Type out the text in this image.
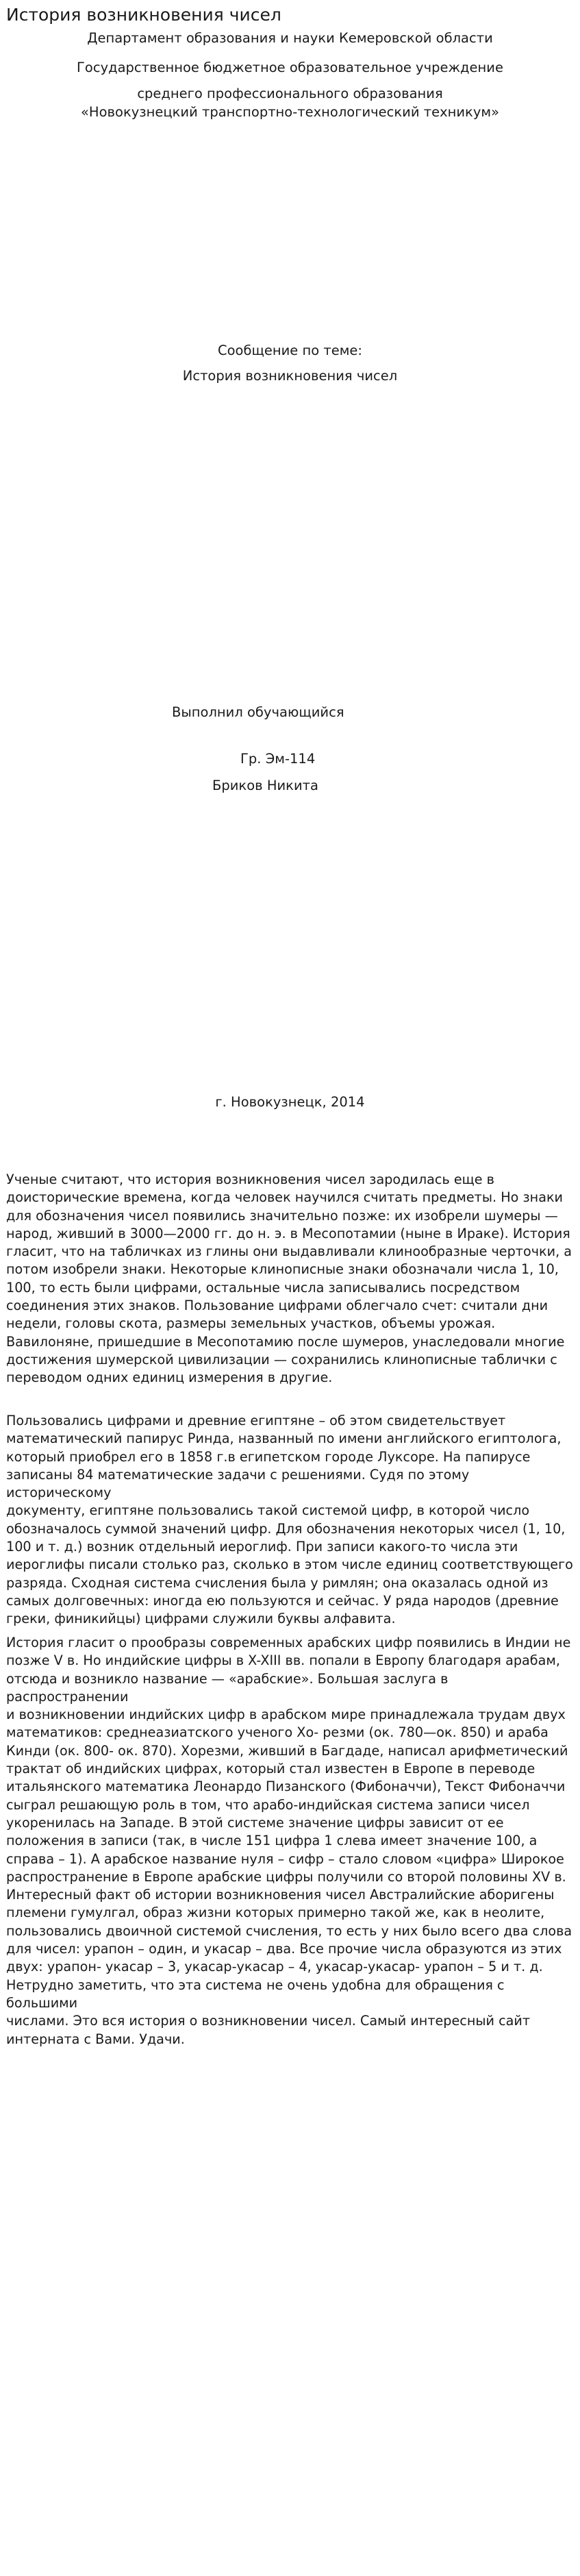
История возникновения чисел

Департамент образования и науки Кемеровской области

Государственное бюджетное образовательное учреждение

среднего профессионального образования

«Новокузнецкий транспортно-технологический техникум»

Сообщение по теме:

История возникновения чисел

Выполнил обучающийся

Гр. Эм-114

Бриков Никита

г. Новокузнецк, 2014

Ученые считают, что история возникновения чисел зародилась еще в
доисторические времена, когда человек научился считать предметы. Но знаки
для обозначения чисел появились значительно позже: их изобрели шумеры —
народ, живший в 3000—2000 гг. до н. э. в Месопотамии (ныне в Ираке). История
гласит, что на табличках из глины они выдавливали клинообразные черточки, а
потом изобрели знаки. Некоторые клинописные знаки обозначали числа 1, 10,
100, то есть были цифрами, остальные числа записывались посредством
соединения этих знаков. Пользование цифрами облегчало счет: считали дни
недели, головы скота, размеры земельных участков, объемы урожая.
Вавилоняне, пришедшие в Месопотамию после шумеров, унаследовали многие
достижения шумерской цивилизации — сохранились клинописные таблички с
переводом одних единиц измерения в другие.

Пользовались цифрами и древние египтяне – об этом свидетельствует
математический папирус Ринда, названный по имени английского египтолога,
который приобрел его в 1858 г.в египетском городе Луксоре. На папирусе
записаны 84 математические задачи с решениями. Судя по этому историческому
документу, египтяне пользовались такой системой цифр, в которой число
обозначалось суммой значений цифр. Для обозначения некоторых чисел (1, 10,
100 и т. д.) возник отдельный иероглиф. При записи какого-то числа эти
иероглифы писали столько раз, сколько в этом числе единиц соответствующего
разряда. Сходная система счисления была у римлян; она оказалась одной из
самых долговечных: иногда ею пользуются и сейчас. У ряда народов (древние
греки, финикийцы) цифрами служили буквы алфавита.

История гласит о прообразы современных арабских цифр появились в Индии не
позже V в. Но индийские цифры в X-XIII вв. попали в Европу благодаря арабам,
отсюда и возникло название — «арабские». Большая заслуга в распространении
и возникновении индийских цифр в арабском мире принадлежала трудам двух
математиков: среднеазиатского ученого Хо- резми (ок. 780—ок. 850) и араба
Кинди (ок. 800- ок. 870). Хорезми, живший в Багдаде, написал арифметический
трактат об индийских цифрах, который стал известен в Европе в переводе
итальянского математика Леонардо Пизанского (Фибоначчи), Текст Фибоначчи
сыграл решающую роль в том, что арабо-индийская система записи чисел
укоренилась на Западе. В этой системе значение цифры зависит от ее
положения в записи (так, в числе 151 цифра 1 слева имеет значение 100, а
справа – 1). А арабское название нуля – сифр – стало словом «цифра» Широкое
распространение в Европе арабские цифры получили со второй половины XV в.
Интересный факт об истории возникновения чисел Австралийские аборигены
племени гумулгал, образ жизни которых примерно такой же, как в неолите,
пользовались двоичной системой счисления, то есть у них было всего два слова
для чисел: урапон – один, и укасар – два. Все прочие числа образуются из этих
двух: урапон- укасар – 3, укасар-укасар – 4, укасар-укасар- урапон – 5 и т. д.
Нетрудно заметить, что эта система не очень удобна для обращения с большими
числами. Это вся история о возникновении чисел. Самый интересный сайт
интерната с Вами. Удачи.
